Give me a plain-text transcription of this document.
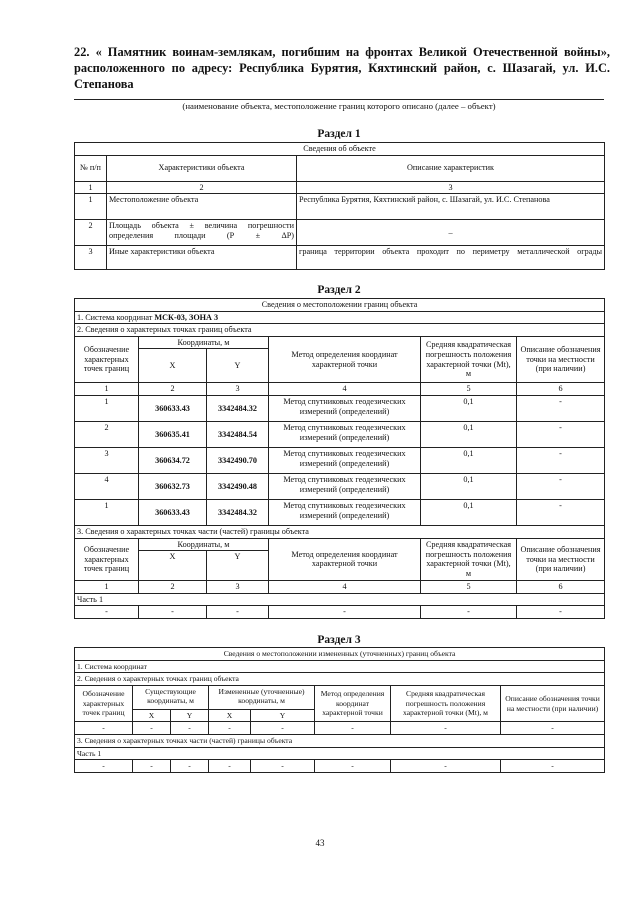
22. « Памятник воинам-землякам, погибшим на фронтах Великой Отечественной войны», расположенного по адресу: Республика Бурятия, Кяхтинский район, с. Шазагай, ул. И.С. Степанова
(наименование объекта, местоположение границ которого описано (далее – объект)
Раздел 1
Сведения об объекте		
№ п/п	Характеристики объекта	Описание характеристик
1	2	3
1	Местоположение объекта	Республика Бурятия, Кяхтинский район, с. Шазагай, ул. И.С. Степанова
2	Площадь объекта ± величина погрешности определения площади (Р ± ΔР)	–
3	Иные характеристики объекта	граница территории объекта проходит по периметру металлической ограды
Раздел 2
Сведения о местоположении границ объекта					
1. Система координат МСК-03, ЗОНА 3					
2. Сведения о характерных точках границ объекта					
Обозначение характерных точек границ	Координаты, м		Метод определения координат характерной точки	Средняя квадратическая погрешность положения характерной точки (Mt), м	Описание обозначения точки на местности (при наличии)
	X	Y			
1	2	3	4	5	6
1	360633.43	3342484.32	Метод спутниковых геодезических измерений (определений)	0,1	-
2	360635.41	3342484.54	Метод спутниковых геодезических измерений (определений)	0,1	-
3	360634.72	3342490.70	Метод спутниковых геодезических измерений (определений)	0,1	-
4	360632.73	3342490.48	Метод спутниковых геодезических измерений (определений)	0,1	-
1	360633.43	3342484.32	Метод спутниковых геодезических измерений (определений)	0,1	-
3. Сведения о характерных точках части (частей) границы объекта					
Обозначение характерных точек границ	Координаты, м		Метод определения координат характерной точки	Средняя квадратическая погрешность положения характерной точки (Mt), м	Описание обозначения точки на местности (при наличии)
	X	Y			
1	2	3	4	5	6
Часть 1					
-	-	-	-	-	-
Раздел 3
Сведения о местоположении измененных (уточненных) границ объекта							
1. Система координат							
2. Сведения о характерных точках границ объекта							
Обозначение характерных точек границ	Существующие координаты, м		Измененные (уточненные) координаты, м		Метод определения координат характерной точки	Средняя квадратическая погрешность положения характерной точки (Mt), м	Описание обозначения точки на местности (при наличии)
	X	Y	X	Y			
-	-	-	-	-	-	-	-
3. Сведения о характерных точках части (частей) границы объекта							
Часть 1							
-	-	-	-	-	-	-	-
43
